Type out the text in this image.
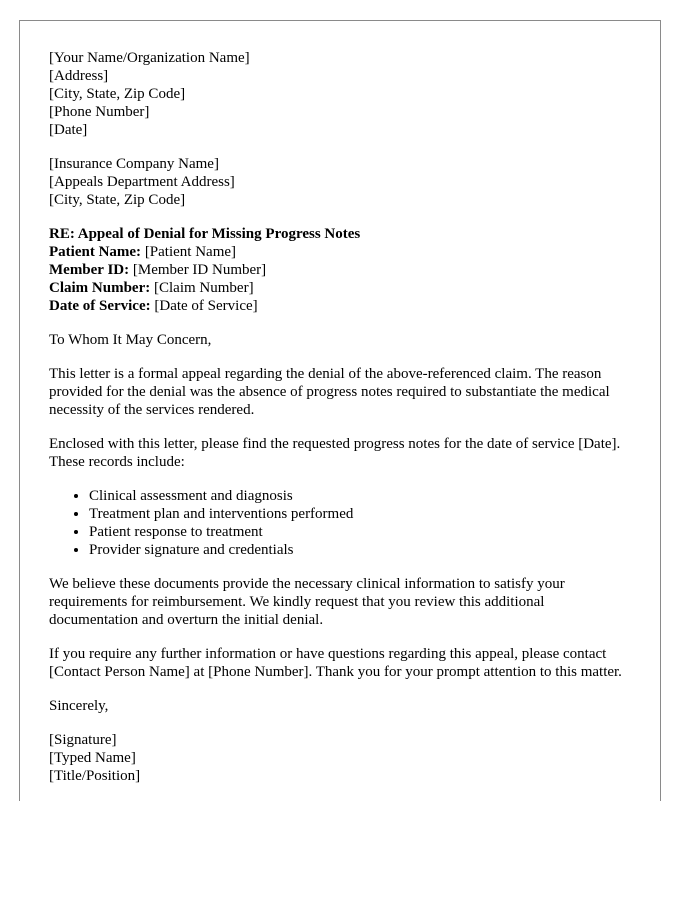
[Your Name/Organization Name]
[Address]
[City, State, Zip Code]
[Phone Number]
[Date]
[Insurance Company Name]
[Appeals Department Address]
[City, State, Zip Code]
RE: Appeal of Denial for Missing Progress Notes
Patient Name: [Patient Name]
Member ID: [Member ID Number]
Claim Number: [Claim Number]
Date of Service: [Date of Service]

To Whom It May Concern,

This letter is a formal appeal regarding the denial of the above-referenced claim. The reason provided for the denial was the absence of progress notes required to substantiate the medical necessity of the services rendered.

Enclosed with this letter, please find the requested progress notes for the date of service [Date]. These records include:

• Clinical assessment and diagnosis
• Treatment plan and interventions performed
• Patient response to treatment
• Provider signature and credentials

We believe these documents provide the necessary clinical information to satisfy your requirements for reimbursement. We kindly request that you review this additional documentation and overturn the initial denial.

If you require any further information or have questions regarding this appeal, please contact [Contact Person Name] at [Phone Number]. Thank you for your prompt attention to this matter.

Sincerely,

[Signature]
[Typed Name]
[Title/Position]
